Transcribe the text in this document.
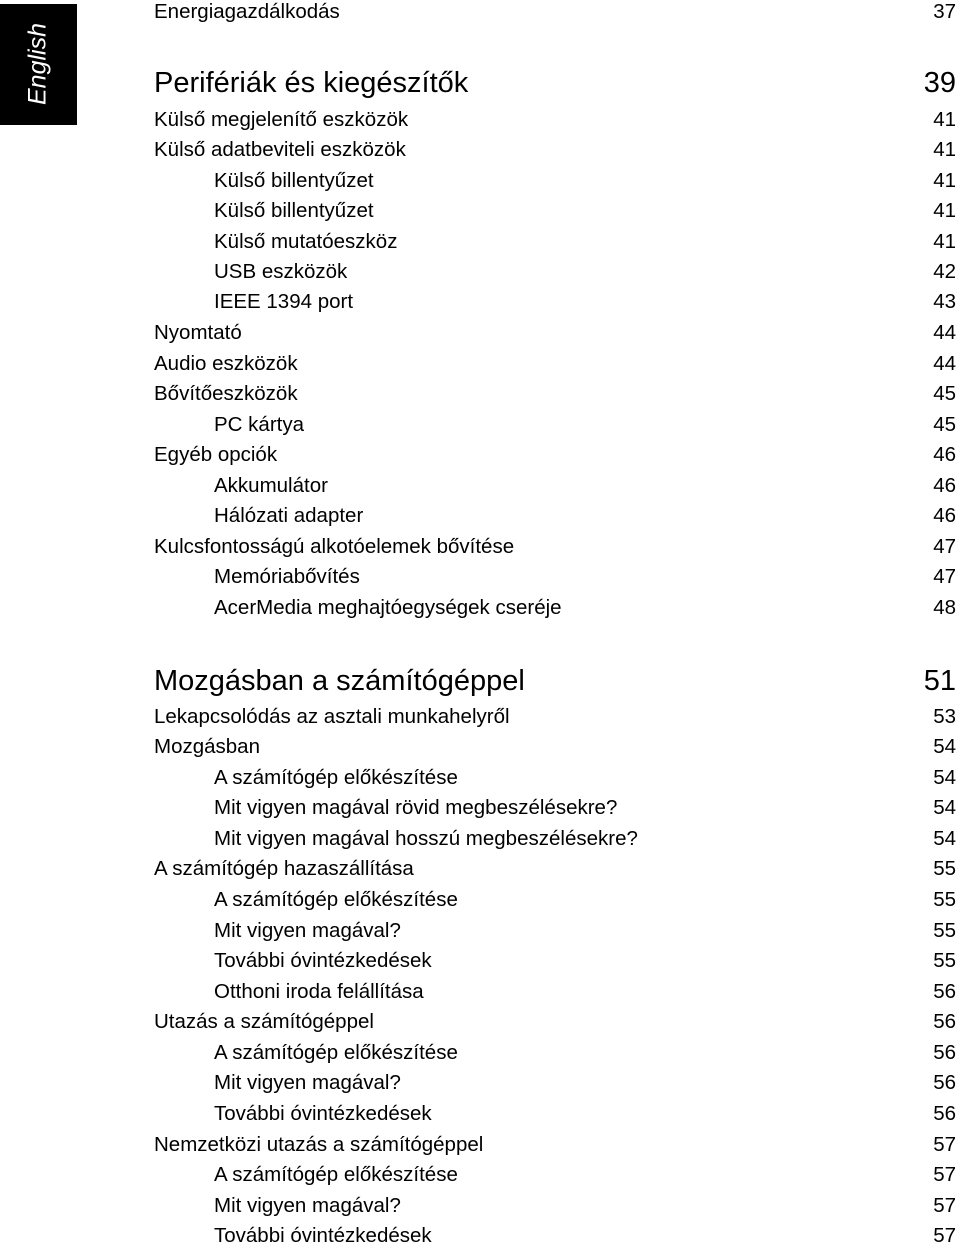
English
Energiagazdálkodás	37
Perifériák és kiegészítők	39
Külső megjelenítő eszközök	41
Külső adatbeviteli eszközök	41
Külső billentyűzet	41
Külső billentyűzet	41
Külső mutatóeszköz	41
USB eszközök	42
IEEE 1394 port	43
Nyomtató	44
Audio eszközök	44
Bővítőeszközök	45
PC kártya	45
Egyéb opciók	46
Akkumulátor	46
Hálózati adapter	46
Kulcsfontosságú alkotóelemek bővítése	47
Memóriabővítés	47
AcerMedia meghajtóegységek cseréje	48
Mozgásban a számítógéppel	51
Lekapcsolódás az asztali munkahelyről	53
Mozgásban	54
A számítógép előkészítése	54
Mit vigyen magával rövid megbeszélésekre?	54
Mit vigyen magával hosszú megbeszélésekre?	54
A számítógép hazaszállítása	55
A számítógép előkészítése	55
Mit vigyen magával?	55
További óvintézkedések	55
Otthoni iroda felállítása	56
Utazás a számítógéppel	56
A számítógép előkészítése	56
Mit vigyen magával?	56
További óvintézkedések	56
Nemzetközi utazás a számítógéppel	57
A számítógép előkészítése	57
Mit vigyen magával?	57
További óvintézkedések	57
